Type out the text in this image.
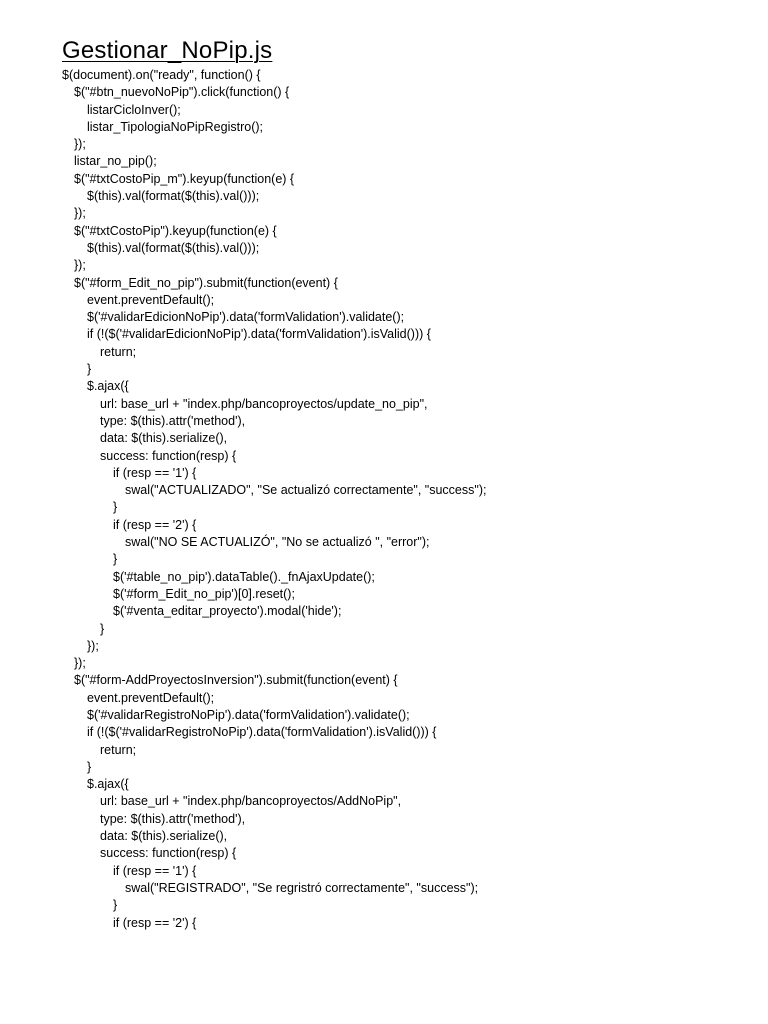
Gestionar_NoPip.js
$(document).on("ready", function() {
$("#btn_nuevoNoPip").click(function() {
listarCicloInver();
listar_TipologiaNoPipRegistro();
});
listar_no_pip();
$("#txtCostoPip_m").keyup(function(e) {
$(this).val(format($(this).val()));
});
$("#txtCostoPip").keyup(function(e) {
$(this).val(format($(this).val()));
});
$("#form_Edit_no_pip").submit(function(event) {
event.preventDefault();
$('#validarEdicionNoPip').data('formValidation').validate();
if (!($('#validarEdicionNoPip').data('formValidation').isValid())) {
return;
}
$.ajax({
url: base_url + "index.php/bancoproyectos/update_no_pip",
type: $(this).attr('method'),
data: $(this).serialize(),
success: function(resp) {
if (resp == '1') {
swal("ACTUALIZADO", "Se actualizó correctamente", "success");
}
if (resp == '2') {
swal("NO SE ACTUALIZÓ", "No se actualizó ", "error");
}
$('#table_no_pip').dataTable()._fnAjaxUpdate();
$('#form_Edit_no_pip')[0].reset();
$('#venta_editar_proyecto').modal('hide');
}
});
});
$("#form-AddProyectosInversion").submit(function(event) {
event.preventDefault();
$('#validarRegistroNoPip').data('formValidation').validate();
if (!($('#validarRegistroNoPip').data('formValidation').isValid())) {
return;
}
$.ajax({
url: base_url + "index.php/bancoproyectos/AddNoPip",
type: $(this).attr('method'),
data: $(this).serialize(),
success: function(resp) {
if (resp == '1') {
swal("REGISTRADO", "Se regristró correctamente", "success");
}
if (resp == '2') {
